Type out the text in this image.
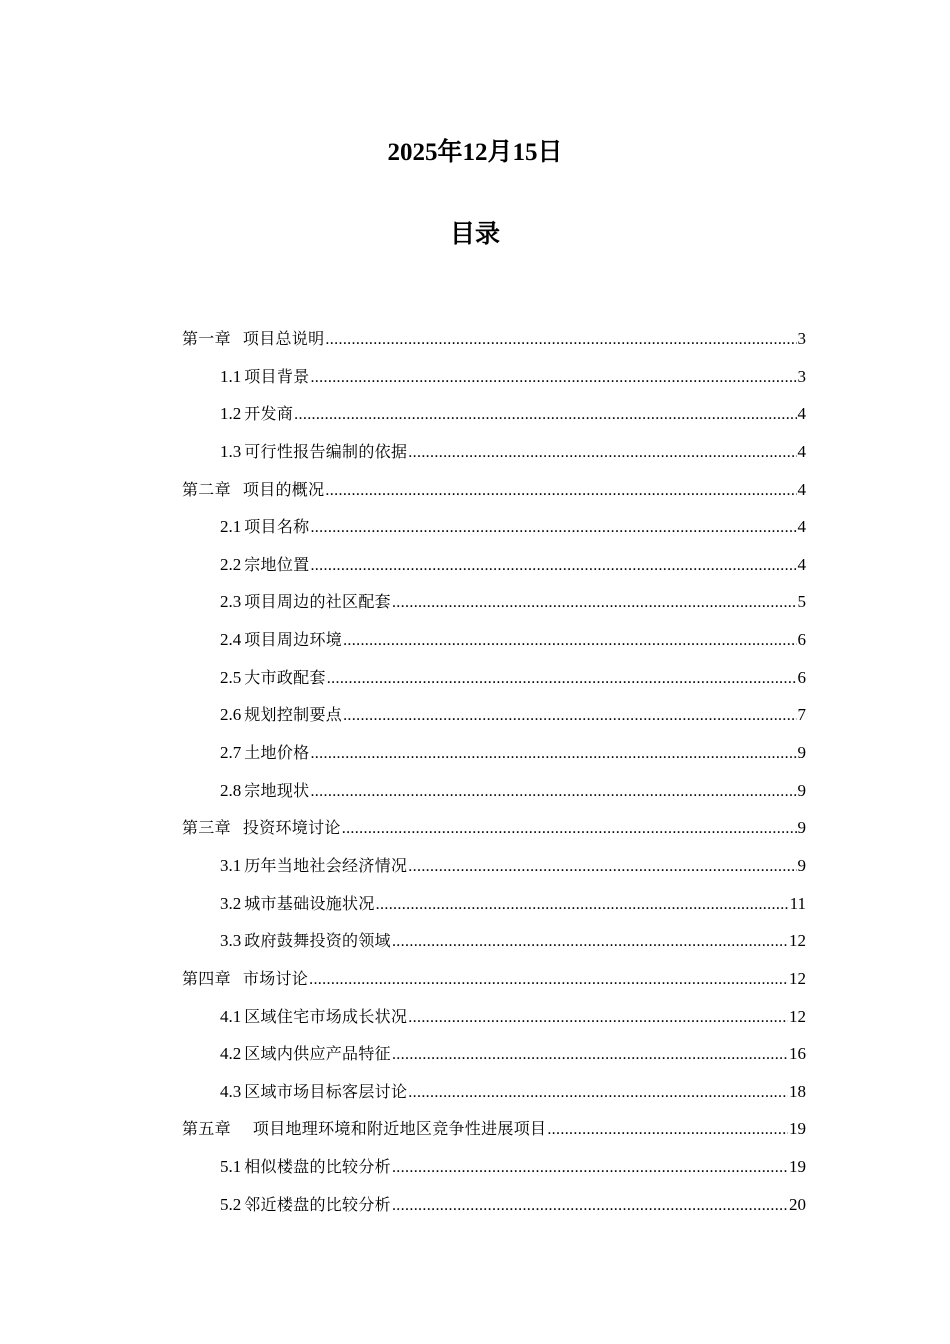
2025年12月15日
目录
第一章 项目总说明 .....	3
1.1 项目背景 .....	3
1.2 开发商 .....	4
1.3 可行性报告编制的依据 .....	4
第二章 项目的概况 .....	4
2.1 项目名称 .....	4
2.2 宗地位置 .....	4
2.3 项目周边的社区配套 .....	5
2.4 项目周边环境 .....	6
2.5 大市政配套 .....	6
2.6 规划控制要点 .....	7
2.7 土地价格 .....	9
2.8 宗地现状 .....	9
第三章 投资环境讨论 .....	9
3.1 历年当地社会经济情况 .....	9
3.2 城市基础设施状况 .....	11
3.3 政府鼓舞投资的领域 .....	12
第四章 市场讨论 .....	12
4.1 区域住宅市场成长状况 .....	12
4.2 区域内供应产品特征 .....	16
4.3 区域市场目标客层讨论 .....	18
第五章 项目地理环境和附近地区竞争性进展项目 .....	19
5.1 相似楼盘的比较分析 .....	19
5.2 邻近楼盘的比较分析 .....	20
